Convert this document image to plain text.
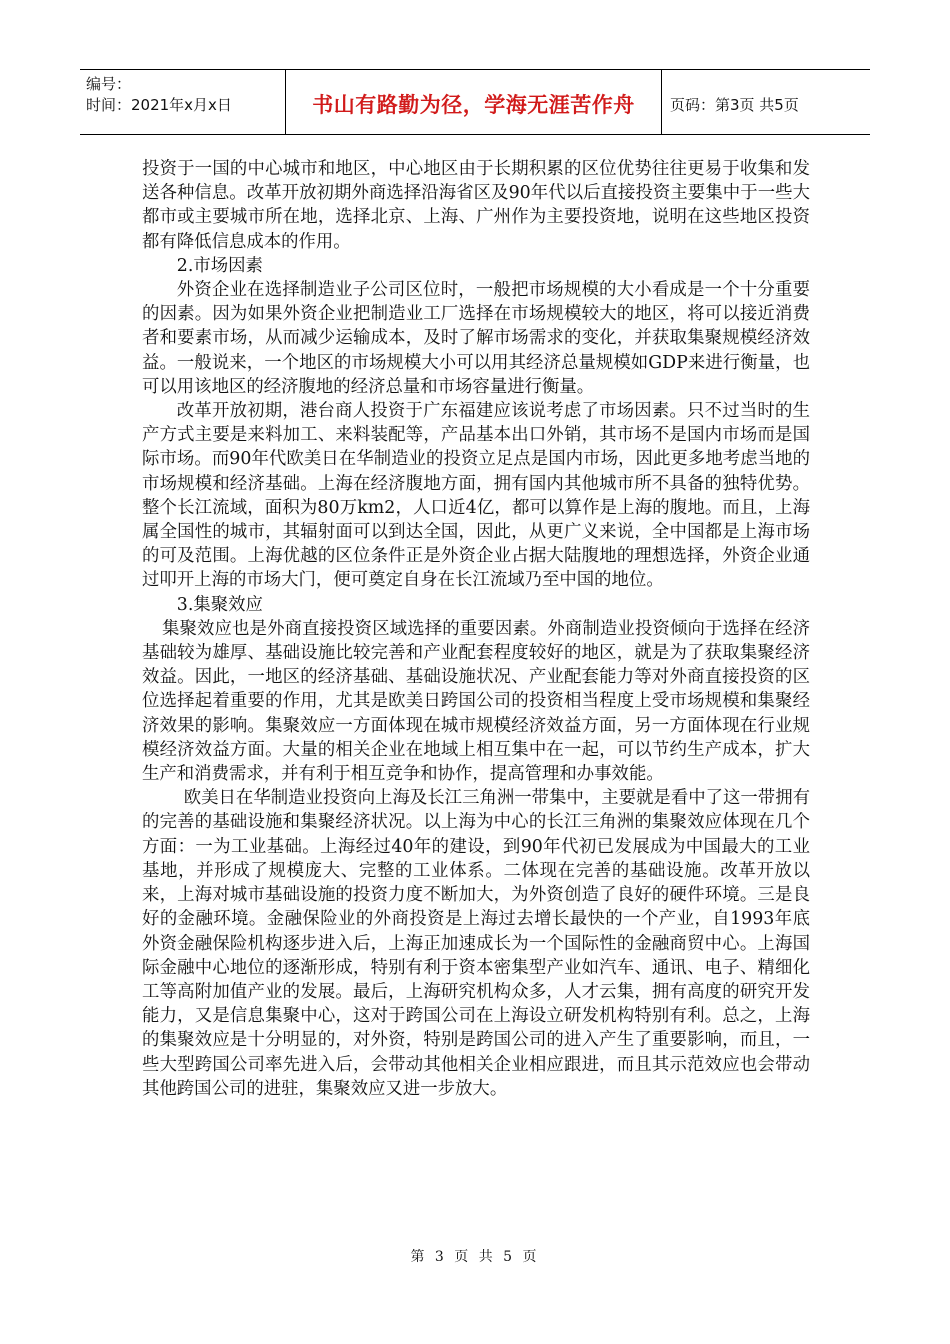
编号：
时间：2021年x月x日	书山有路勤为径，学海无涯苦作舟 页码：第3页 共5页

投资于一国的中心城市和地区，中心地区由于长期积累的区位优势往往更易于收集和发送各种信息。改革开放初期外商选择沿海省区及90年代以后直接投资主要集中于一些大都市或主要城市所在地，选择北京、上海、广州作为主要投资地，说明在这些地区投资都有降低信息成本的作用。

2.市场因素

外资企业在选择制造业子公司区位时，一般把市场规模的大小看成是一个十分重要的因素。因为如果外资企业把制造业工厂选择在市场规模较大的地区，将可以接近消费者和要素市场，从而减少运输成本，及时了解市场需求的变化，并获取集聚规模经济效益。一般说来，一个地区的市场规模大小可以用其经济总量规模如GDP来进行衡量，也可以用该地区的经济腹地的经济总量和市场容量进行衡量。

改革开放初期，港台商人投资于广东福建应该说考虑了市场因素。只不过当时的生产方式主要是来料加工、来料装配等，产品基本出口外销，其市场不是国内市场而是国际市场。而90年代欧美日在华制造业的投资立足点是国内市场，因此更多地考虑当地的市场规模和经济基础。上海在经济腹地方面，拥有国内其他城市所不具备的独特优势。整个长江流域，面积为80万km2，人口近4亿，都可以算作是上海的腹地。而且，上海属全国性的城市，其辐射面可以到达全国，因此，从更广义来说，全中国都是上海市场的可及范围。上海优越的区位条件正是外资企业占据大陆腹地的理想选择，外资企业通过叩开上海的市场大门，便可奠定自身在长江流域乃至中国的地位。

3.集聚效应

集聚效应也是外商直接投资区域选择的重要因素。外商制造业投资倾向于选择在经济基础较为雄厚、基础设施比较完善和产业配套程度较好的地区，就是为了获取集聚经济效益。因此，一地区的经济基础、基础设施状况、产业配套能力等对外商直接投资的区位选择起着重要的作用，尤其是欧美日跨国公司的投资相当程度上受市场规模和集聚经济效果的影响。集聚效应一方面体现在城市规模经济效益方面，另一方面体现在行业规模经济效益方面。大量的相关企业在地域上相互集中在一起，可以节约生产成本，扩大生产和消费需求，并有利于相互竞争和协作，提高管理和办事效能。

欧美日在华制造业投资向上海及长江三角洲一带集中，主要就是看中了这一带拥有的完善的基础设施和集聚经济状况。以上海为中心的长江三角洲的集聚效应体现在几个方面：一为工业基础。上海经过40年的建设，到90年代初已发展成为中国最大的工业基地，并形成了规模庞大、完整的工业体系。二体现在完善的基础设施。改革开放以来，上海对城市基础设施的投资力度不断加大，为外资创造了良好的硬件环境。三是良好的金融环境。金融保险业的外商投资是上海过去增长最快的一个产业，自1993年底外资金融保险机构逐步进入后，上海正加速成长为一个国际性的金融商贸中心。上海国际金融中心地位的逐渐形成，特别有利于资本密集型产业如汽车、通讯、电子、精细化工等高附加值产业的发展。最后，上海研究机构众多，人才云集，拥有高度的研究开发能力，又是信息集聚中心，这对于跨国公司在上海设立研发机构特别有利。总之，上海的集聚效应是十分明显的，对外资，特别是跨国公司的进入产生了重要影响，而且，一些大型跨国公司率先进入后，会带动其他相关企业相应跟进，而且其示范效应也会带动其他跨国公司的进驻，集聚效应又进一步放大。

第 3 页 共 5 页
